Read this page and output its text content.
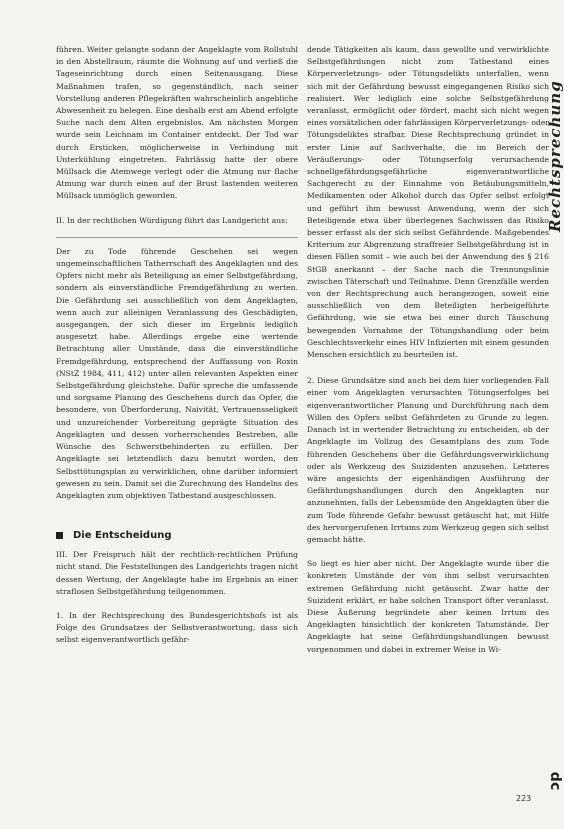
führen. Weiter gelangte sodann der Angeklagte vom Rollstuhl in den Abstellraum, räumte die Wohnung auf und verließ die Tageseinrichtung durch einen Seitenausgang. Diese Maßnahmen trafen, so gegenständlich, nach seiner Vorstellung anderen Pflegekräften wahrscheinlich angebliche Abwesenheit zu belegen. Eine deshalb erst am Abend erfolgte Suche nach dem Alten ergebnislos. Am nächsten Morgen wurde sein Leichnam im Container entdeckt. Der Tod war durch Ersticken, möglicherweise in Verbindung mit Unterkühlung eingetreten. Fahrlässig hatte der obere Müllsack die Atemwege verlegt oder die Atmung nur flache Atmung war durch einen auf der Brust lastenden weiteren Müllsack unmöglich geworden.

II. In der rechtlichen Würdigung führt das Landgericht aus:

Der zu Tode führende Geschehen sei wegen ungemeinschaftlichen Tatherrschaft des Angeklagten und des Opfers nicht mehr als Beteiligung an einer Selbstgefährdung, sondern als einverständliche Fremdgefährdung zu werten. Die Gefährdung sei ausschließlich von dem Angeklagten, wenn auch zur alleinigen Veranlassung des Geschädigten, ausgegangen, der sich dieser im Ergebnis lediglich ausgesetzt habe. Allerdings ergebe eine wertende Betrachtung aller Umstände, dass die einverständliche Fremdgefährdung, entsprechend der Auffassung von Roxin (NStZ 1984, 411, 412) unter allen relevanten Aspekten einer Selbstgefährdung gleichstehe. Dafür spreche die umfassende und sorgsame Planung des Geschehens durch das Opfer, die besondere, von Überforderung, Naivität, Vertrauensseligkeit und unzureichender Vorbereitung geprägte Situation des Angeklagten und dessen vorherrschendes Bestreben, alle Wünsche des Schwerstbehinderten zu erfüllen. Der Angeklagte sei letztendlich dazu benutzt worden, den Selbsttötungsplan zu verwirklichen, ohne darüber informiert gewesen zu sein. Damit sei die Zurechnung des Handelns des Angeklagten zum objektiven Tatbestand ausgeschlossen.

Die Entscheidung

III. Der Freispruch hält der rechtlich-rechtlichen Prüfung nicht stand. Die Feststellungen des Landgerichts tragen nicht dessen Wertung, der Angeklagte habe im Ergebnis an einer straflosen Selbstgefährdung teilgenommen.

1. In der Rechtsprechung des Bundesgerichtshofs ist als Folge des Grundsatzes der Selbstverantwortung, dass sich selbst eigenverantwortlich gefähr-

dende Tätigkeiten als kaum, dass gewollte und verwirklichte Selbstgefährdungen nicht zum Tatbestand eines Körperverletzungs- oder Tötungsdelikts unterfallen, wenn sich mit der Gefährdung bewusst eingegangenen Risiko sich realisiert. Wer lediglich eine solche Selbstgefährdung veranlasst, ermöglicht oder fördert, macht sich nicht wegen eines vorsätzlichen oder fahrlässigen Körperverletzungs- oder Tötungsdeliktes strafbar. Diese Rechtsprechung gründet in erster Linie auf Sachverhalte, die im Bereich der Veräußerungs- oder Tötungserfolg verursachende schnellgefährdungsgefährliche eigenverantwortliche Sachgerecht zu der Einnahme von Betäubungsmitteln, Medikamenten oder Alkohol durch das Opfer selbst erfolgt und geführt ihm bewusst Anwendung, wenn der sich Beteiligende etwa über überlegenes Sachwissen das Risiko besser erfasst als der sich selbst Gefährdende. Maßgebendes Kriterium zur Abgrenzung straffreier Selbstgefährdung ist in diesen Fällen somit – wie auch bei der Anwendung des § 216 StGB anerkannt – der Sache nach die Trennungslinie zwischen Täterschaft und Teilnahme. Denn Grenzfälle werden von der Rechtsprechung auch herangezogen, soweit eine ausschließlich von dem Beteiligten herbeigeführte Gefährdung, wie sie etwa bei einer durch Täuschung bewegenden Vornahme der Tötungshandlung oder beim Geschlechtsverkehr eines HIV Infizierten mit einem gesunden Menschen ersichtlich zu beurteilen ist.

2. Diese Grundsätze sind auch bei dem hier vorliegenden Fall einer vom Angeklagten verursachten Tötungserfolges bei eigenverantwortlicher Planung und Durchführung nach dem Willen des Opfers selbst Gefährdeten zu Grunde zu legen. Danach ist in wertender Betrachtung zu entscheiden, ob der Angeklagte im Vollzug des Gesamtplans des zum Tode führenden Geschehens über die Gefährdungsverwirklichung oder als Werkzeug des Suizidenten anzusehen. Letzteres wäre angesichts der eigenhändigen Ausführung der Gefährdungshandlungen durch den Angeklagten nur anzunehmen, falls der Lebensmüde den Angeklagten über die zum Tode führende Gefahr bewusst getäuscht hat, mit Hilfe des hervorgerufenen Irrtums zum Werkzeug gegen sich selbst gemacht hätte.

So liegt es hier aber nicht. Der Angeklagte wurde über die konkreten Umstände der von ihm selbst verursachten extremen Gefährdung nicht getäuscht. Zwar hatte der Suizident erklärt, er habe solchen Transport öfter veranlasst. Diese Äußerung begründete aber keinen Irrtum des Angeklagten hinsichtlich der konkreten Tatumstände. Der Angeklagte hat seine Gefährdungshandlungen bewusst vorgenommen und dabei in extremer Weise in Wi-

Rechtsprechung
ɔp
223
